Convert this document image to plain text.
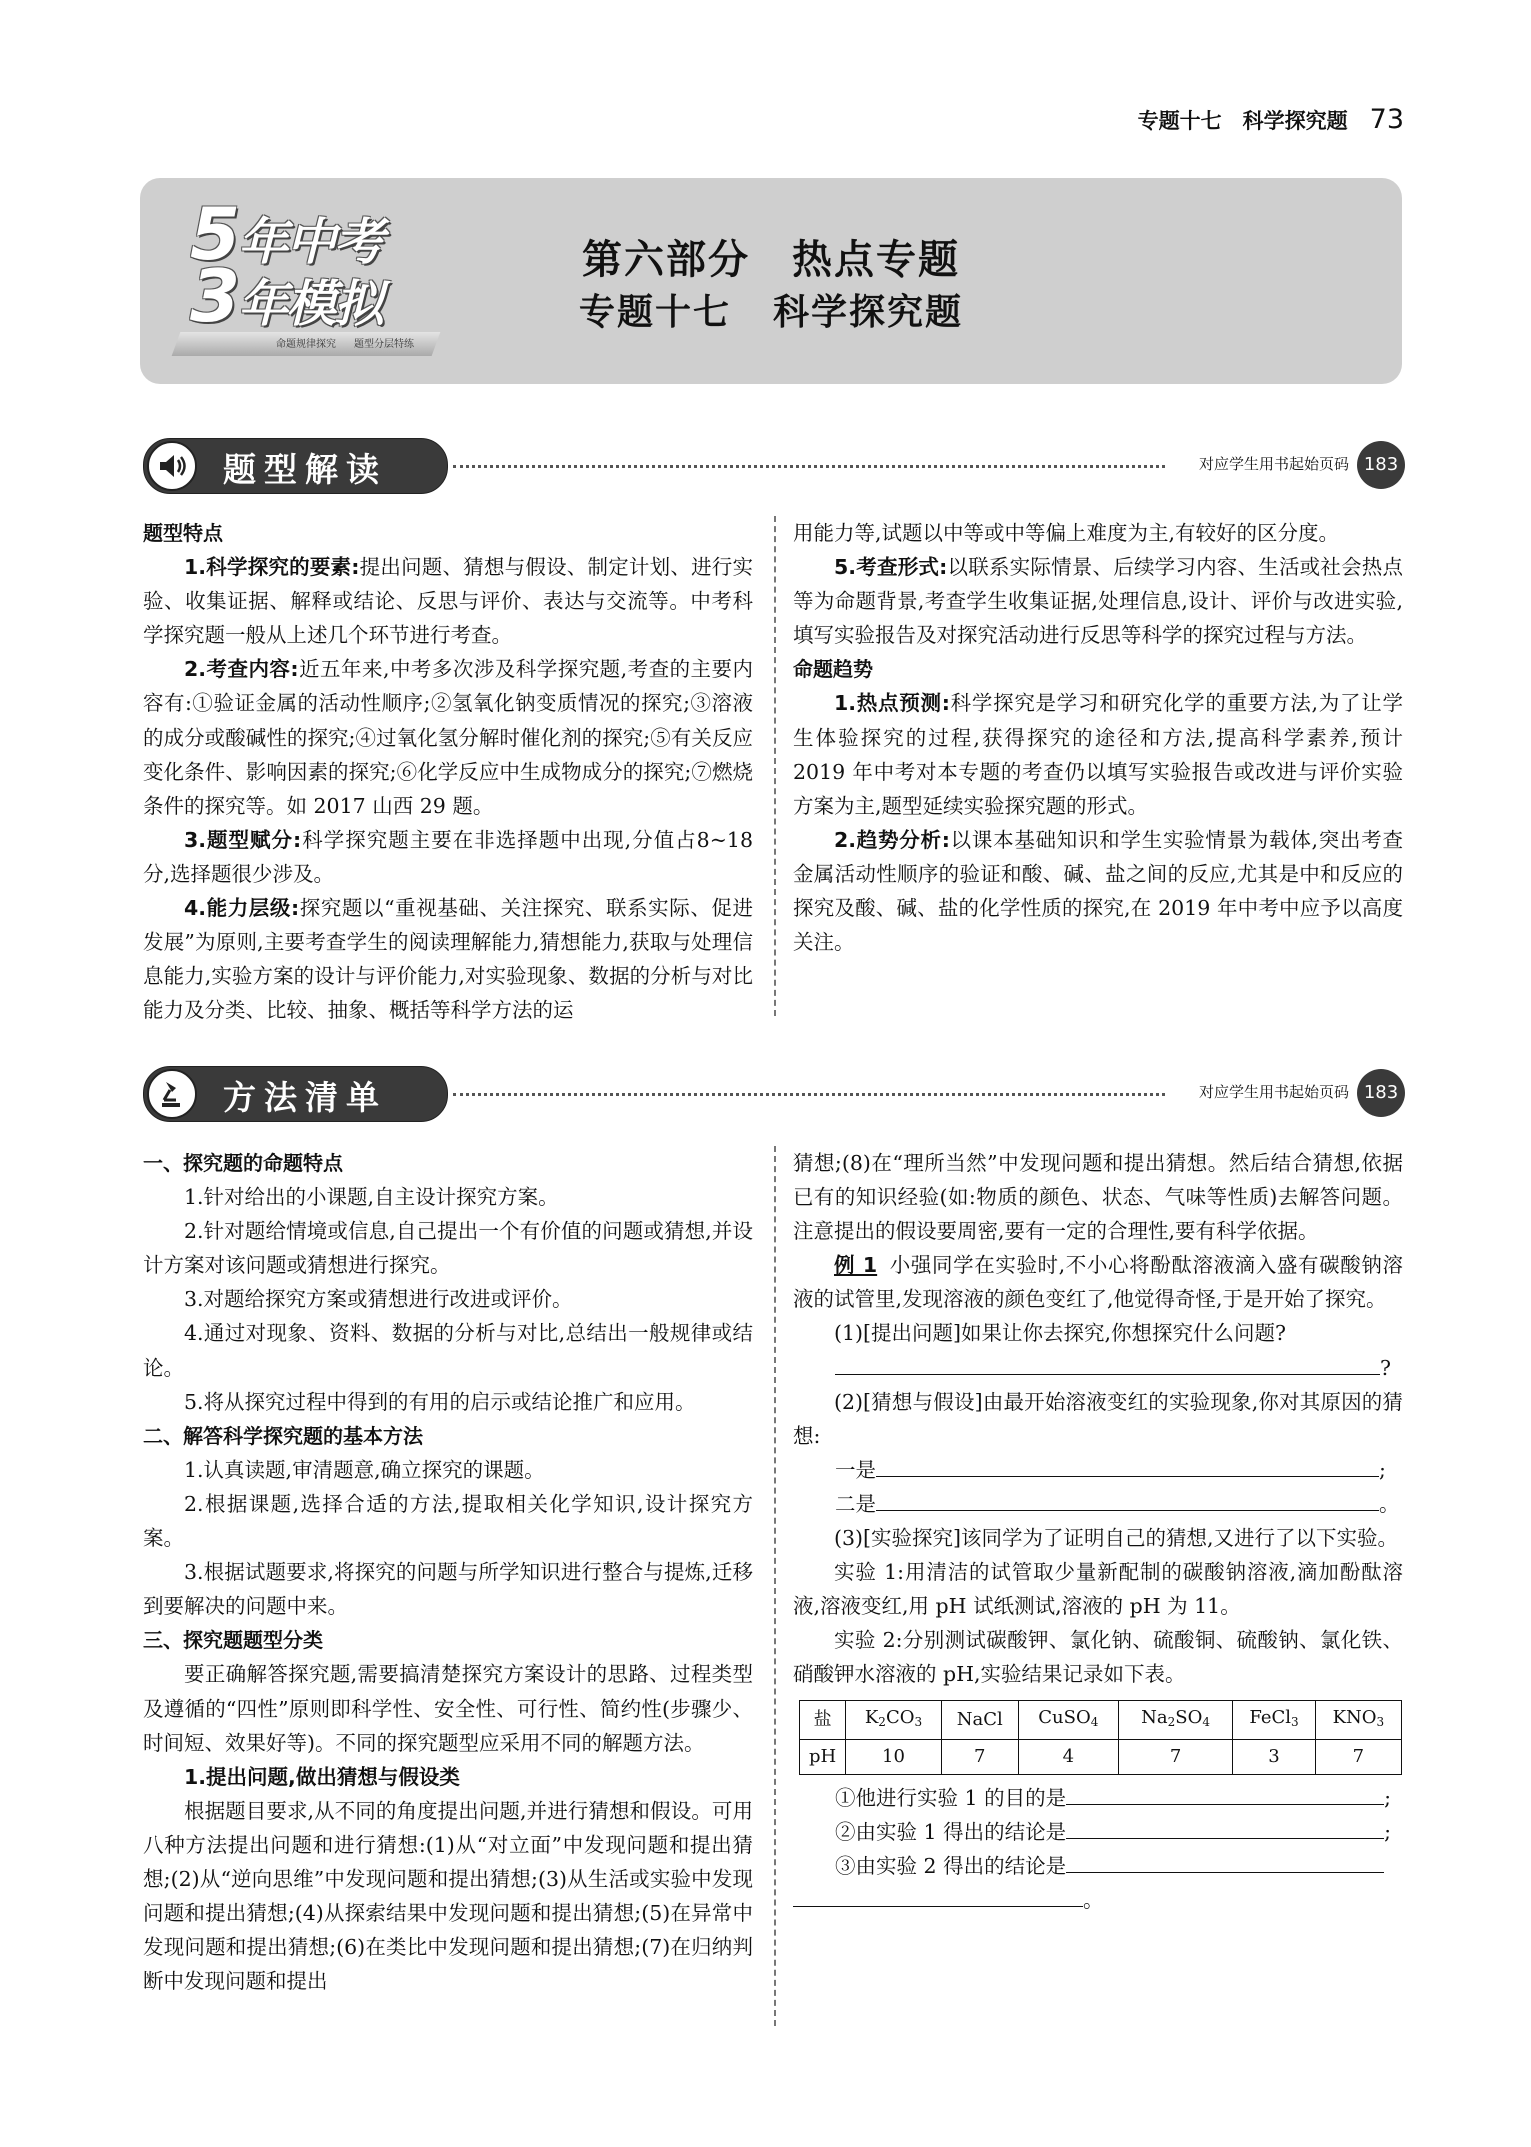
专题十七　科学探究题 73
5年中考
3年模拟
命题规律探究 题型分层特练
第六部分 热点专题
专题十七 科学探究题
题型解读	对应学生用书起始页码 183

题型特点

1.科学探究的要素:提出问题、猜想与假设、制定计划、进行实验、收集证据、解释或结论、反思与评价、表达与交流等。中考科学探究题一般从上述几个环节进行考查。

2.考查内容:近五年来,中考多次涉及科学探究题,考查的主要内容有:①验证金属的活动性顺序;②氢氧化钠变质情况的探究;③溶液的成分或酸碱性的探究;④过氧化氢分解时催化剂的探究;⑤有关反应变化条件、影响因素的探究;⑥化学反应中生成物成分的探究;⑦燃烧条件的探究等。如 2017 山西 29 题。

3.题型赋分:科学探究题主要在非选择题中出现,分值占8~18分,选择题很少涉及。

4.能力层级:探究题以“重视基础、关注探究、联系实际、促进发展”为原则,主要考查学生的阅读理解能力,猜想能力,获取与处理信息能力,实验方案的设计与评价能力,对实验现象、数据的分析与对比能力及分类、比较、抽象、概括等科学方法的运

用能力等,试题以中等或中等偏上难度为主,有较好的区分度。

5.考查形式:以联系实际情景、后续学习内容、生活或社会热点等为命题背景,考查学生收集证据,处理信息,设计、评价与改进实验,填写实验报告及对探究活动进行反思等科学的探究过程与方法。

命题趋势

1.热点预测:科学探究是学习和研究化学的重要方法,为了让学生体验探究的过程,获得探究的途径和方法,提高科学素养,预计 2019 年中考对本专题的考查仍以填写实验报告或改进与评价实验方案为主,题型延续实验探究题的形式。

2.趋势分析:以课本基础知识和学生实验情景为载体,突出考查金属活动性顺序的验证和酸、碱、盐之间的反应,尤其是中和反应的探究及酸、碱、盐的化学性质的探究,在 2019 年中考中应予以高度关注。

方法清单	对应学生用书起始页码 183

一、探究题的命题特点

1.针对给出的小课题,自主设计探究方案。

2.针对题给情境或信息,自己提出一个有价值的问题或猜想,并设计方案对该问题或猜想进行探究。

3.对题给探究方案或猜想进行改进或评价。

4.通过对现象、资料、数据的分析与对比,总结出一般规律或结论。

5.将从探究过程中得到的有用的启示或结论推广和应用。

二、解答科学探究题的基本方法

1.认真读题,审清题意,确立探究的课题。

2.根据课题,选择合适的方法,提取相关化学知识,设计探究方案。

3.根据试题要求,将探究的问题与所学知识进行整合与提炼,迁移到要解决的问题中来。

三、探究题题型分类

要正确解答探究题,需要搞清楚探究方案设计的思路、过程类型及遵循的“四性”原则即科学性、安全性、可行性、简约性(步骤少、时间短、效果好等)。不同的探究题型应采用不同的解题方法。

1.提出问题,做出猜想与假设类

根据题目要求,从不同的角度提出问题,并进行猜想和假设。可用八种方法提出问题和进行猜想:(1)从“对立面”中发现问题和提出猜想;(2)从“逆向思维”中发现问题和提出猜想;(3)从生活或实验中发现问题和提出猜想;(4)从探索结果中发现问题和提出猜想;(5)在异常中发现问题和提出猜想;(6)在类比中发现问题和提出猜想;(7)在归纳判断中发现问题和提出

猜想;(8)在“理所当然”中发现问题和提出猜想。然后结合猜想,依据已有的知识经验(如:物质的颜色、状态、气味等性质)去解答问题。注意提出的假设要周密,要有一定的合理性,要有科学依据。

例 1 小强同学在实验时,不小心将酚酞溶液滴入盛有碳酸钠溶液的试管里,发现溶液的颜色变红了,他觉得奇怪,于是开始了探究。

(1)[提出问题]如果让你去探究,你想探究什么问题?

?

(2)[猜想与假设]由最开始溶液变红的实验现象,你对其原因的猜想:

一是	;

二是	。

(3)[实验探究]该同学为了证明自己的猜想,又进行了以下实验。

实验 1:用清洁的试管取少量新配制的碳酸钠溶液,滴加酚酞溶液,溶液变红,用 pH 试纸测试,溶液的 pH 为 11。

实验 2:分别测试碳酸钾、氯化钠、硫酸铜、硫酸钠、氯化铁、硝酸钾水溶液的 pH,实验结果记录如下表。

盐	$K_2CO_3$	NaCl	CuSO$_4$	$Na_2SO_4$	FeCl$_3$	$KNO_3$
pH	10	7	4	7	3	7

①他进行实验 1 的目的是	;

②由实验 1 得出的结论是	;

③由实验 2 得出的结论是

。
